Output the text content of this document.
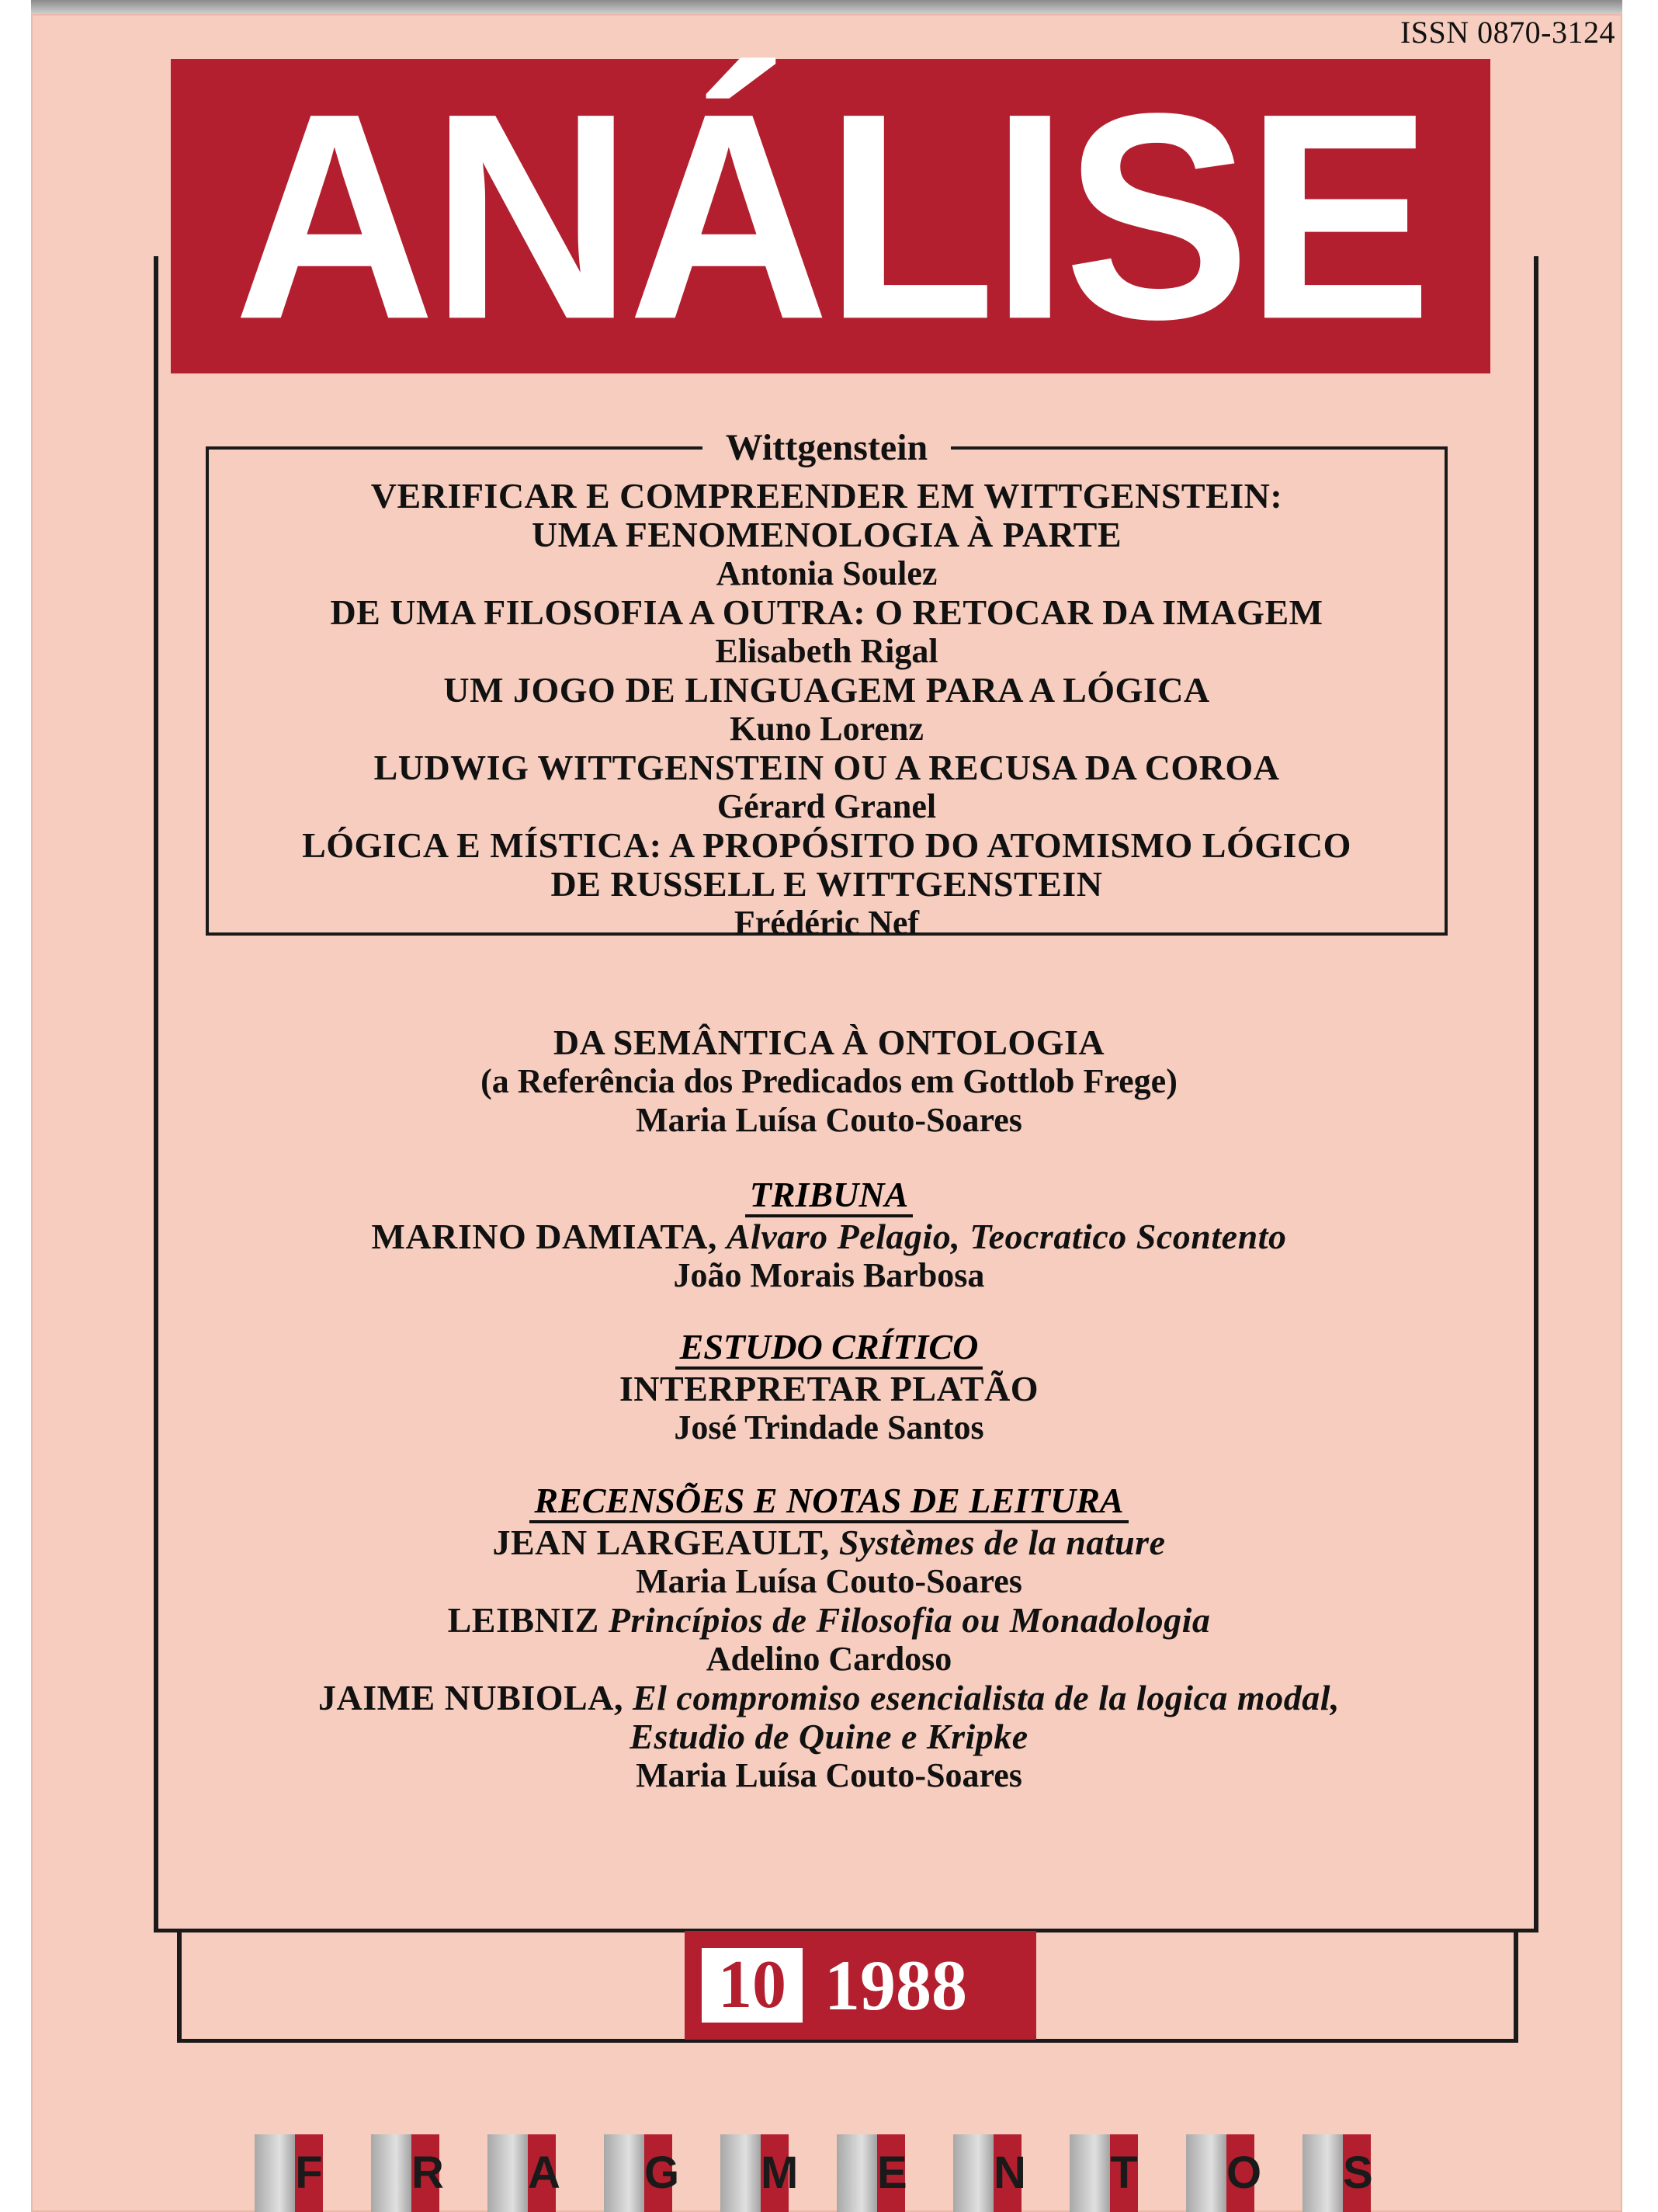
ISSN 0870-3124
ANÁLISE
Wittgenstein
VERIFICAR E COMPREENDER EM WITTGENSTEIN:
UMA FENOMENOLOGIA À PARTE
Antonia Soulez
DE UMA FILOSOFIA A OUTRA: O RETOCAR DA IMAGEM
Elisabeth Rigal
UM JOGO DE LINGUAGEM PARA A LÓGICA
Kuno Lorenz
LUDWIG WITTGENSTEIN OU A RECUSA DA COROA
Gérard Granel
LÓGICA E MÍSTICA: A PROPÓSITO DO ATOMISMO LÓGICO
DE RUSSELL E WITTGENSTEIN
Frédéric Nef
DA SEMÂNTICA À ONTOLOGIA
(a Referência dos Predicados em Gottlob Frege)
Maria Luísa Couto-Soares
TRIBUNA
MARINO DAMIATA, Alvaro Pelagio, Teocratico Scontento
João Morais Barbosa
ESTUDO CRÍTICO
INTERPRETAR PLATÃO
José Trindade Santos
RECENSÕES E NOTAS DE LEITURA
JEAN LARGEAULT, Systèmes de la nature
Maria Luísa Couto-Soares
LEIBNIZ Princípios de Filosofia ou Monadologia
Adelino Cardoso
JAIME NUBIOLA, El compromiso esencialista de la logica modal,
Estudio de Quine e Kripke
Maria Luísa Couto-Soares
10 1988
F R A G M E N T O S
